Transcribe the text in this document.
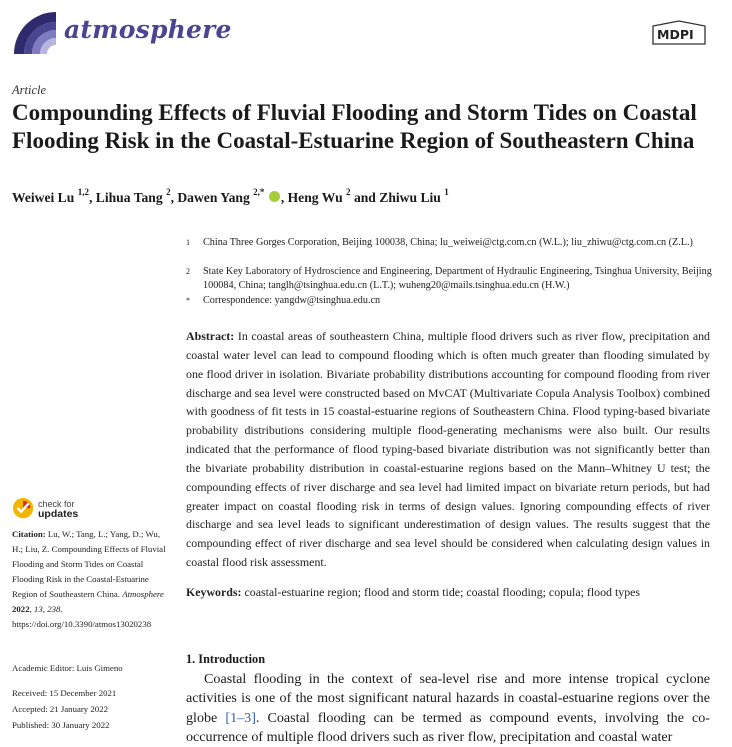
atmosphere	MDPI
Article
Compounding Effects of Fluvial Flooding and Storm Tides on Coastal Flooding Risk in the Coastal-Estuarine Region of Southeastern China
Weiwei Lu $^{1,2}$, Lihua Tang $^2$, Dawen Yang $^{2,*}$ , Heng Wu $^2$ and Zhiwu Liu $^1$
1 China Three Gorges Corporation, Beijing 100038, China; lu_weiwei@ctg.com.cn (W.L.); liu_zhiwu@ctg.com.cn (Z.L.)
2 State Key Laboratory of Hydroscience and Engineering, Department of Hydraulic Engineering, Tsinghua University, Beijing 100084, China; tanglh@tsinghua.edu.cn (L.T.); wuheng20@mails.tsinghua.edu.cn (H.W.)
* Correspondence: yangdw@tsinghua.edu.cn
Abstract: In coastal areas of southeastern China, multiple flood drivers such as river flow, precipitation and coastal water level can lead to compound flooding which is often much greater than flooding simulated by one flood driver in isolation. Bivariate probability distributions accounting for compound flooding from river discharge and sea level were constructed based on MvCAT (Multivariate Copula Analysis Toolbox) combined with goodness of fit tests in 15 coastal-estuarine regions of Southeastern China. Flood typing-based bivariate probability distributions considering multiple flood-generating mechanisms were also built. Our results indicated that the performance of flood typing-based bivariate distribution was not significantly better than the bivariate probability distribution in coastal-estuarine regions based on the Mann–Whitney U test; the compounding effects of river discharge and sea level had limited impact on bivariate return periods, but had greater impact on coastal flooding risk in terms of design values. Ignoring compounding effects of river discharge and sea level leads to significant underestimation of design values. The results suggest that the compounding effect of river discharge and sea level should be considered when calculating design values in coastal flood risk assessment.
Keywords: coastal-estuarine region; flood and storm tide; coastal flooding; copula; flood types
1. Introduction
Coastal flooding in the context of sea-level rise and more intense tropical cyclone activities is one of the most significant natural hazards in coastal-estuarine regions over the globe [1–3]. Coastal flooding can be termed as compound events, involving the co-occurrence of multiple flood drivers such as river flow, precipitation and coastal water
check for
updates
Citation: Lu, W.; Tang, L.; Yang, D.; Wu, H.; Liu, Z. Compounding Effects of Fluvial Flooding and Storm Tides on Coastal Flooding Risk in the Coastal-Estuarine Region of Southeastern China. Atmosphere 2022, 13, 238. https://doi.org/10.3390/atmos13020238
Academic Editor: Luis Gimeno
Received: 15 December 2021
Accepted: 21 January 2022
Published: 30 January 2022
